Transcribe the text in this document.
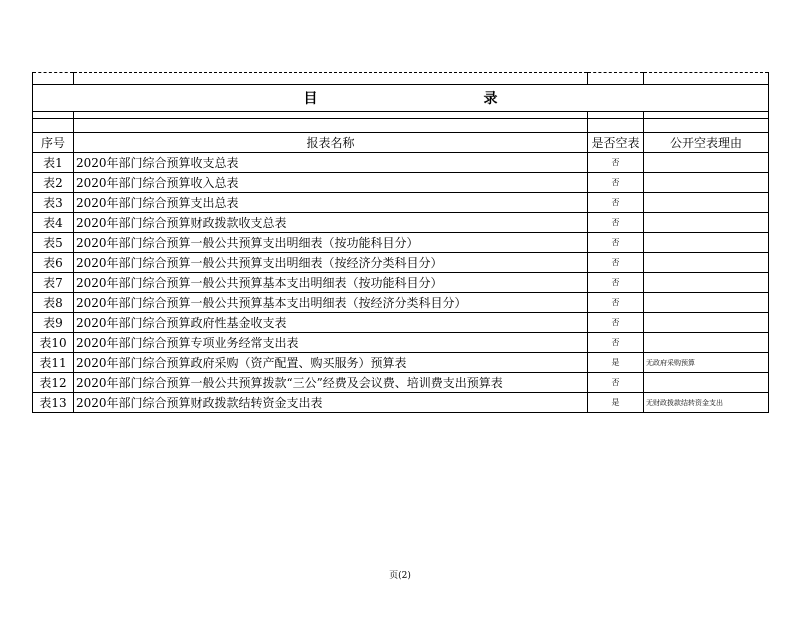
目 录			

序号	报表名称	是否空表	公开空表理由
表1	2020年部门综合预算收支总表	否	
表2	2020年部门综合预算收入总表	否	
表3	2020年部门综合预算支出总表	否	
表4	2020年部门综合预算财政拨款收支总表	否	
表5	2020年部门综合预算一般公共预算支出明细表（按功能科目分）	否	
表6	2020年部门综合预算一般公共预算支出明细表（按经济分类科目分）	否	
表7	2020年部门综合预算一般公共预算基本支出明细表（按功能科目分）	否	
表8	2020年部门综合预算一般公共预算基本支出明细表（按经济分类科目分）	否	
表9	2020年部门综合预算政府性基金收支表	否	
表10	2020年部门综合预算专项业务经常支出表	否	
表11	2020年部门综合预算政府采购（资产配置、购买服务）预算表	是	无政府采购预算
表12	2020年部门综合预算一般公共预算拨款“三公”经费及会议费、培训费支出预算表	否	
表13	2020年部门综合预算财政拨款结转资金支出表	是	无财政拨款结转资金支出
页(2)
